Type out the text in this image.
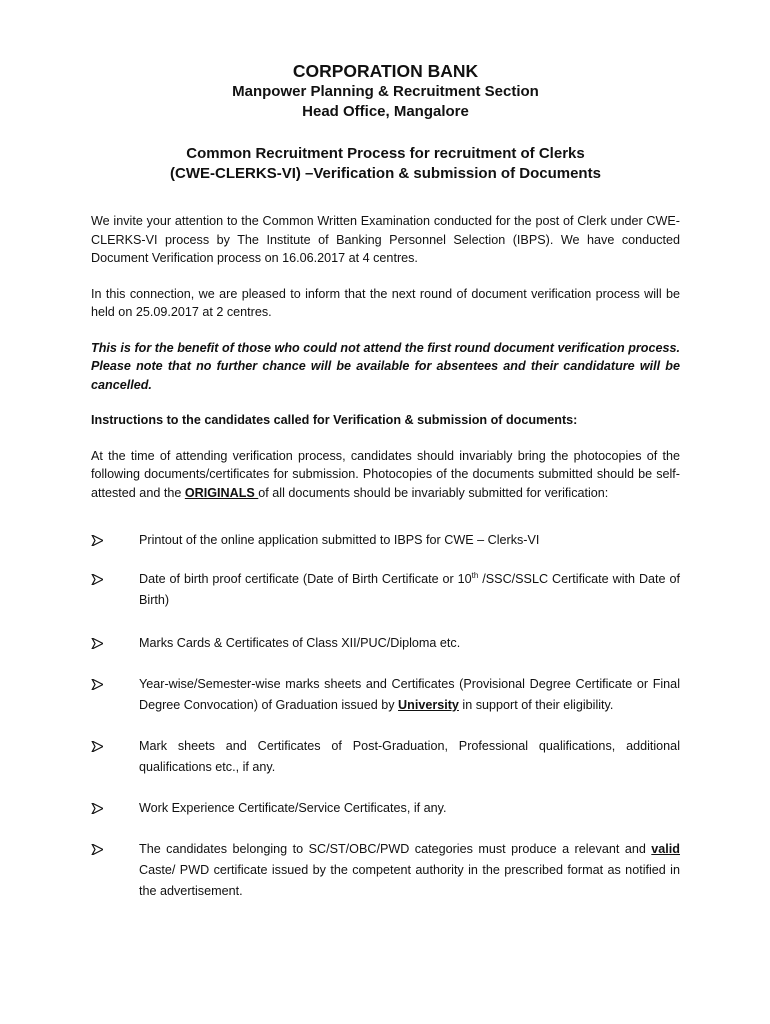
CORPORATION BANK
Manpower Planning & Recruitment Section
Head Office, Mangalore
Common Recruitment Process for recruitment of Clerks
(CWE-CLERKS-VI) –Verification & submission of Documents

We invite your attention to the Common Written Examination conducted for the post of Clerk under CWE-CLERKS-VI process by The Institute of Banking Personnel Selection (IBPS). We have conducted Document Verification process on 16.06.2017 at 4 centres.

In this connection, we are pleased to inform that the next round of document verification process will be held on 25.09.2017 at 2 centres.

This is for the benefit of those who could not attend the first round document verification process. Please note that no further chance will be available for absentees and their candidature will be cancelled.

Instructions to the candidates called for Verification & submission of documents:

At the time of attending verification process, candidates should invariably bring the photocopies of the following documents/certificates for submission. Photocopies of the documents submitted should be self-attested and the ORIGINALS of all documents should be invariably submitted for verification:

Printout of the online application submitted to IBPS for CWE – Clerks-VI
Date of birth proof certificate (Date of Birth Certificate or 10th /SSC/SSLC Certificate with Date of Birth)
Marks Cards & Certificates of Class XII/PUC/Diploma etc.
Year-wise/Semester-wise marks sheets and Certificates (Provisional Degree Certificate or Final Degree Convocation) of Graduation issued by University in support of their eligibility.
Mark sheets and Certificates of Post-Graduation, Professional qualifications, additional qualifications etc., if any.
Work Experience Certificate/Service Certificates, if any.
The candidates belonging to SC/ST/OBC/PWD categories must produce a relevant and valid Caste/ PWD certificate issued by the competent authority in the prescribed format as notified in the advertisement.
